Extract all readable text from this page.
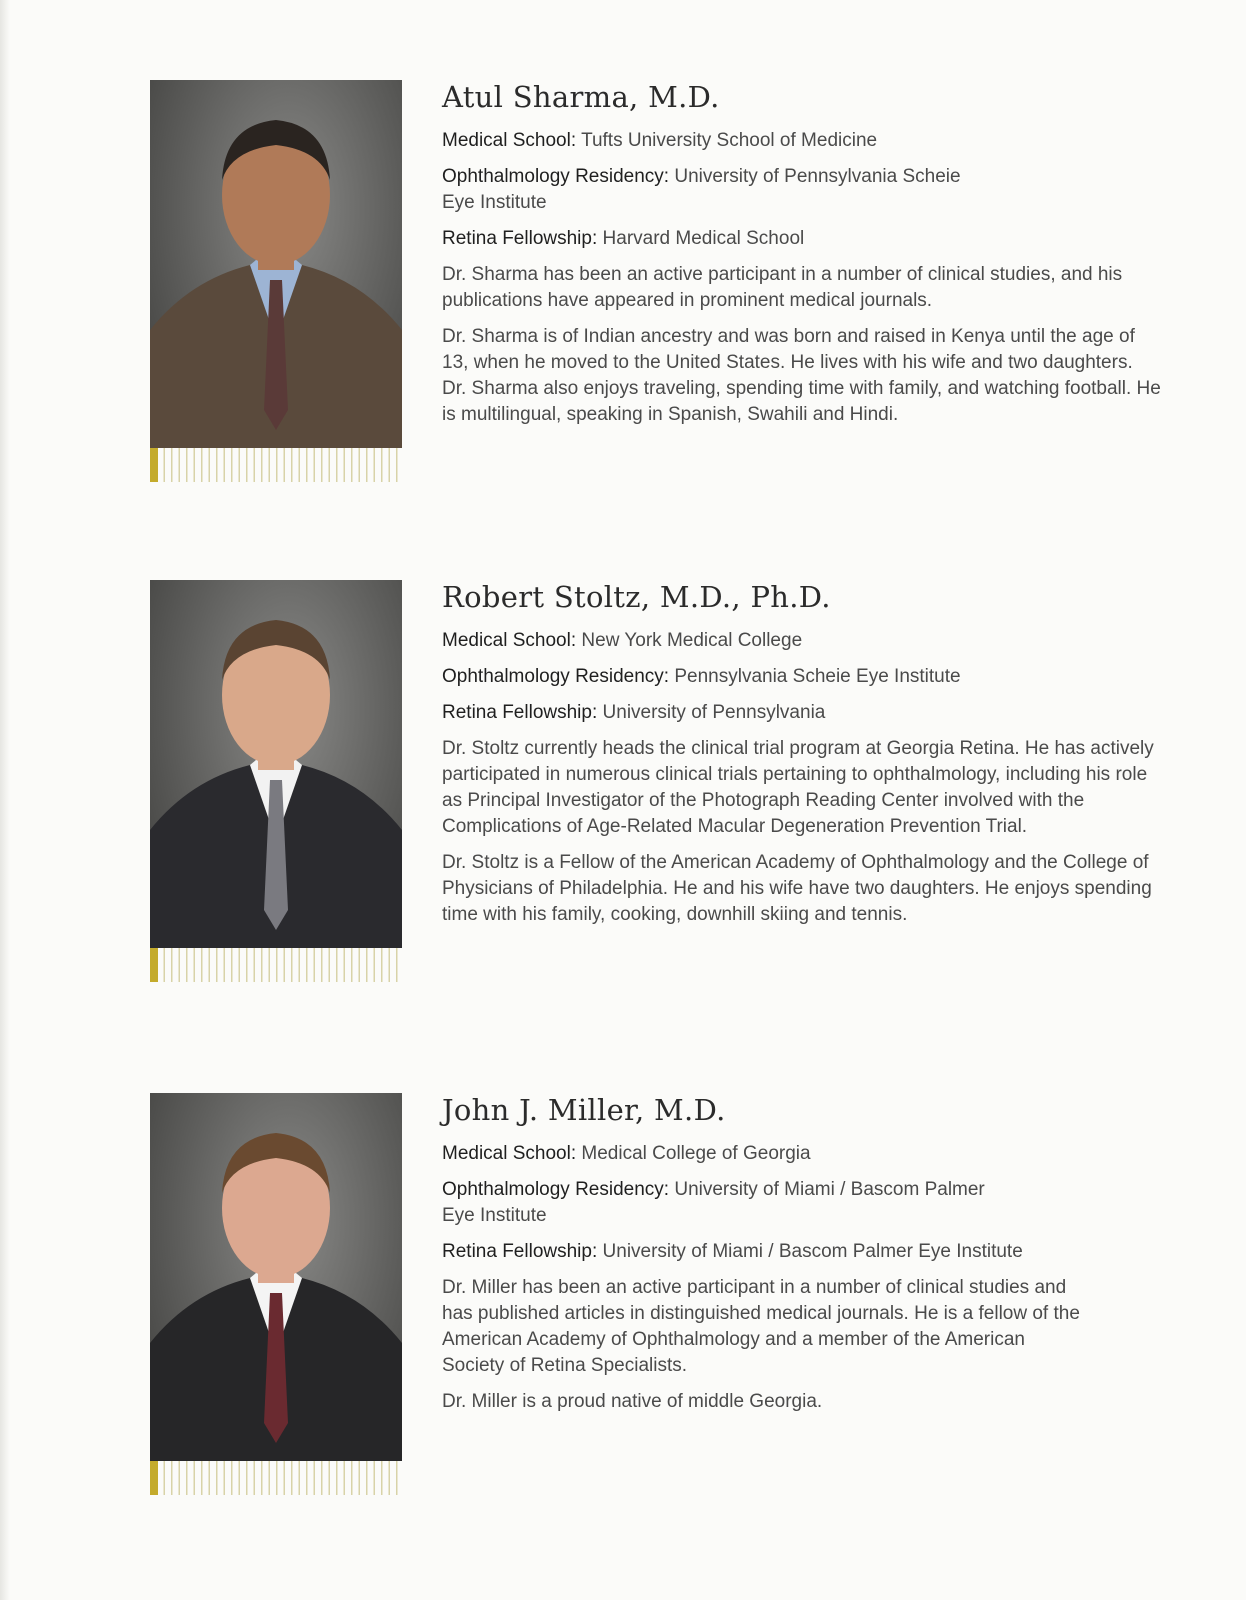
Atul Sharma, M.D.

Medical School: Tufts University School of Medicine

Ophthalmology Residency: University of Pennsylvania Scheie
Eye Institute

Retina Fellowship: Harvard Medical School

Dr. Sharma has been an active participant in a number of clinical studies, and his publications have appeared in prominent medical journals.

Dr. Sharma is of Indian ancestry and was born and raised in Kenya until the age of 13, when he moved to the United States. He lives with his wife and two daughters. Dr. Sharma also enjoys traveling, spending time with family, and watching football. He is multilingual, speaking in Spanish, Swahili and Hindi.

Robert Stoltz, M.D., Ph.D.

Medical School: New York Medical College

Ophthalmology Residency: Pennsylvania Scheie Eye Institute

Retina Fellowship: University of Pennsylvania

Dr. Stoltz currently heads the clinical trial program at Georgia Retina. He has actively participated in numerous clinical trials pertaining to ophthalmology, including his role as Principal Investigator of the Photograph Reading Center involved with the Complications of Age-Related Macular Degeneration Prevention Trial.

Dr. Stoltz is a Fellow of the American Academy of Ophthalmology and the College of Physicians of Philadelphia. He and his wife have two daughters. He enjoys spending time with his family, cooking, downhill skiing and tennis.

John J. Miller, M.D.

Medical School: Medical College of Georgia

Ophthalmology Residency: University of Miami / Bascom Palmer
Eye Institute

Retina Fellowship: University of Miami / Bascom Palmer Eye Institute

Dr. Miller has been an active participant in a number of clinical studies and has published articles in distinguished medical journals. He is a fellow of the American Academy of Ophthalmology and a member of the American Society of Retina Specialists.

Dr. Miller is a proud native of middle Georgia.
